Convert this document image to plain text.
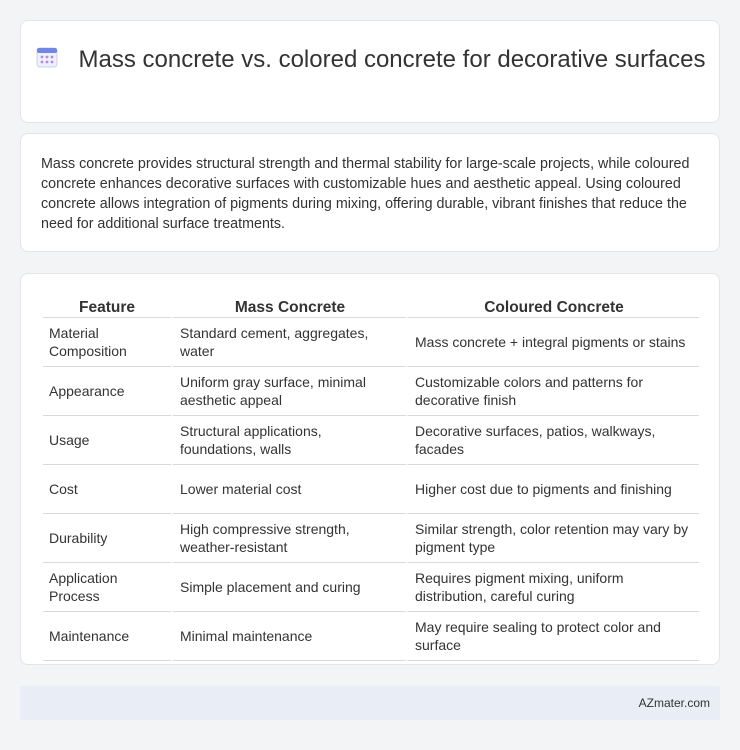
Mass concrete vs. colored concrete for decorative surfaces

Mass concrete provides structural strength and thermal stability for large-scale projects, while coloured concrete enhances decorative surfaces with customizable hues and aesthetic appeal. Using coloured concrete allows integration of pigments during mixing, offering durable, vibrant finishes that reduce the need for additional surface treatments.

Feature	Mass Concrete	Coloured Concrete
Material Composition	Standard cement, aggregates, water	Mass concrete + integral pigments or stains
Appearance	Uniform gray surface, minimal aesthetic appeal	Customizable colors and patterns for decorative finish
Usage	Structural applications, foundations, walls	Decorative surfaces, patios, walkways, facades
Cost	Lower material cost	Higher cost due to pigments and finishing
Durability	High compressive strength, weather-resistant	Similar strength, color retention may vary by pigment type
Application Process	Simple placement and curing	Requires pigment mixing, uniform distribution, careful curing
Maintenance	Minimal maintenance	May require sealing to protect color and surface
AZmater.com
